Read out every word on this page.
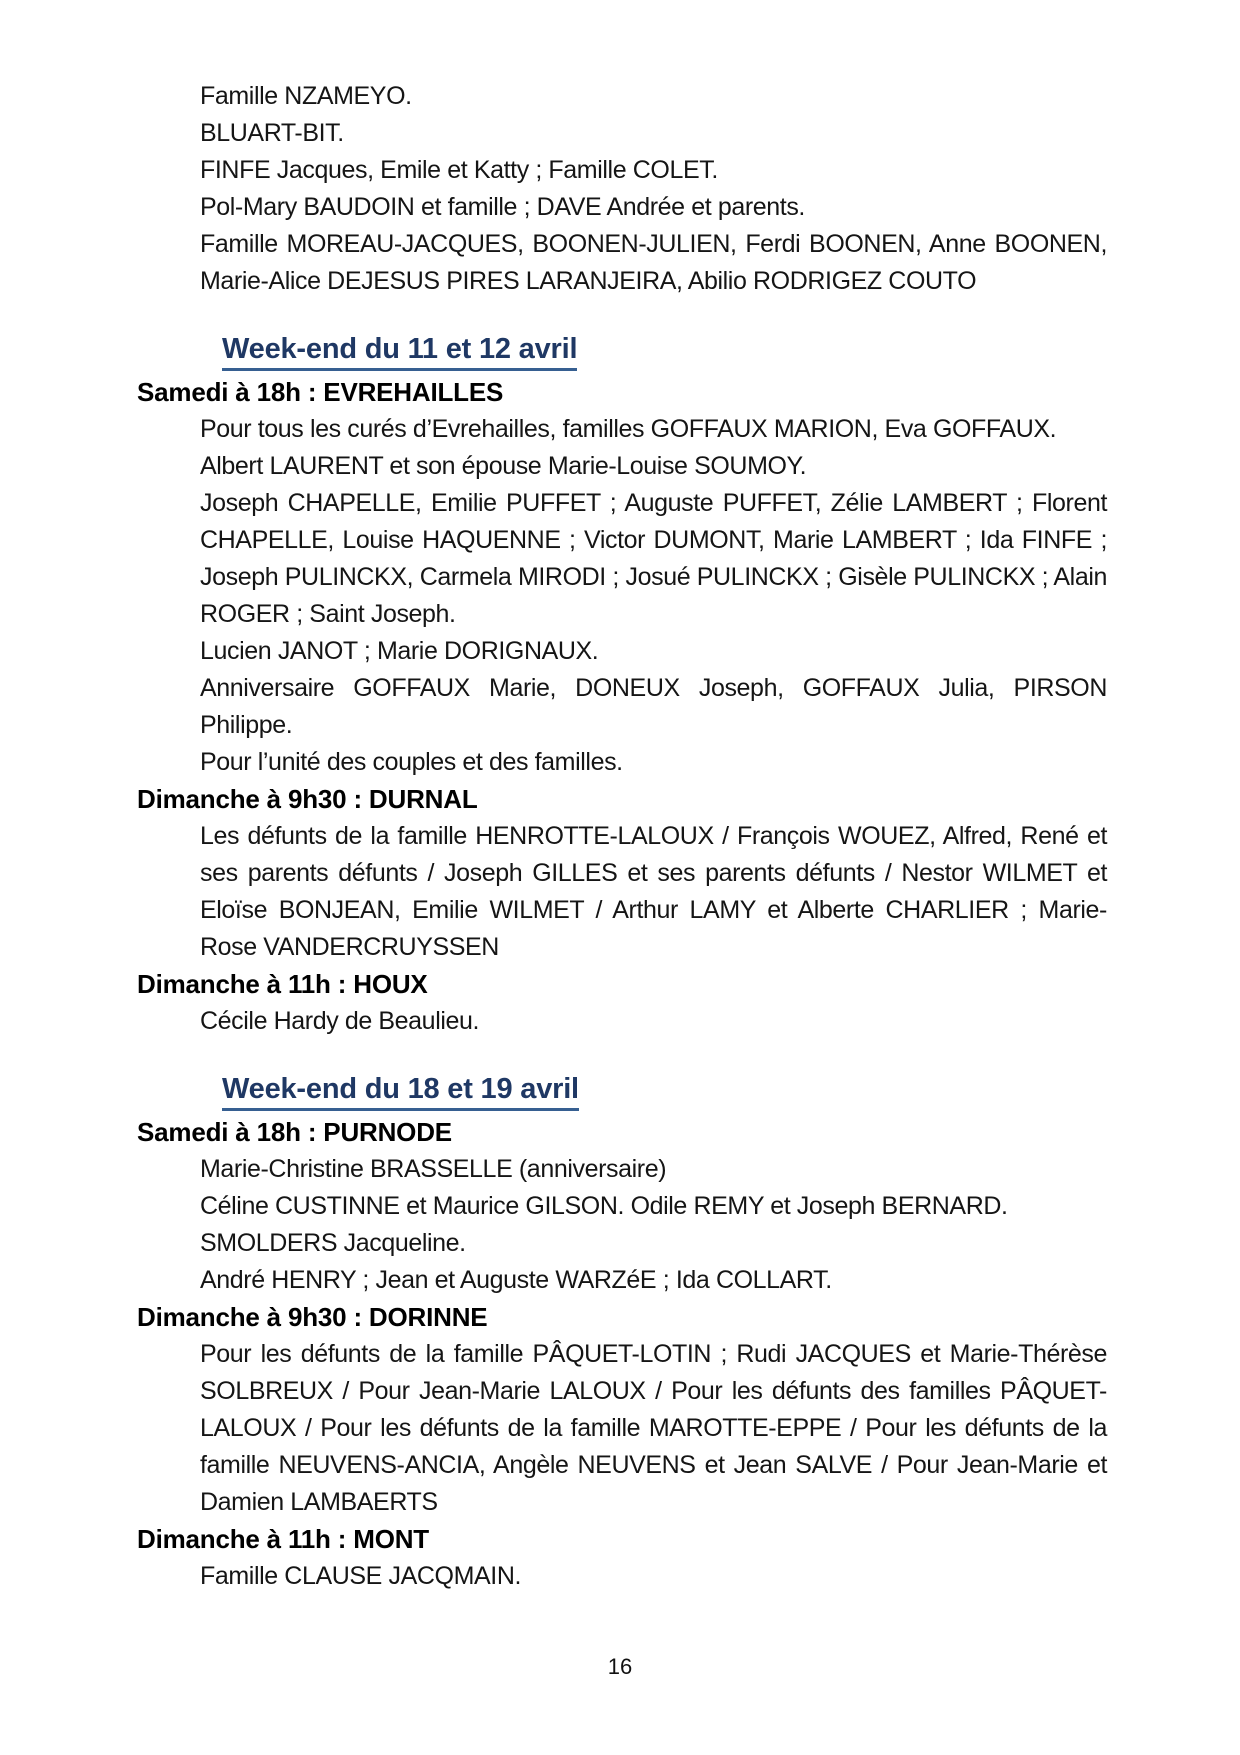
Famille NZAMEYO.

BLUART-BIT.

FINFE Jacques, Emile et Katty ; Famille COLET.

Pol-Mary BAUDOIN et famille ; DAVE Andrée et parents.

Famille MOREAU-JACQUES, BOONEN-JULIEN, Ferdi BOONEN, Anne BOONEN, Marie-Alice DEJESUS PIRES LARANJEIRA, Abilio RODRIGEZ COUTO

Week-end du 11 et 12 avril
Samedi à 18h : EVREHAILLES

Pour tous les curés d’Evrehailles, familles GOFFAUX MARION, Eva GOFFAUX.

Albert LAURENT et son épouse Marie-Louise SOUMOY.

Joseph CHAPELLE, Emilie PUFFET ; Auguste PUFFET, Zélie LAMBERT ; Florent CHAPELLE, Louise HAQUENNE ; Victor DUMONT, Marie LAMBERT ; Ida FINFE ; Joseph PULINCKX, Carmela MIRODI ; Josué PULINCKX ; Gisèle PULINCKX ; Alain ROGER ; Saint Joseph.

Lucien JANOT ; Marie DORIGNAUX.

Anniversaire GOFFAUX Marie, DONEUX Joseph, GOFFAUX Julia, PIRSON Philippe.

Pour l’unité des couples et des familles.

Dimanche à 9h30 : DURNAL

Les défunts de la famille HENROTTE-LALOUX / François WOUEZ, Alfred, René et ses parents défunts / Joseph GILLES et ses parents défunts / Nestor WILMET et Eloïse BONJEAN, Emilie WILMET / Arthur LAMY et Alberte CHARLIER ; Marie-Rose VANDERCRUYSSEN

Dimanche à 11h : HOUX

Cécile Hardy de Beaulieu.

Week-end du 18 et 19 avril
Samedi à 18h : PURNODE

Marie-Christine BRASSELLE (anniversaire)

Céline CUSTINNE et Maurice GILSON. Odile REMY et Joseph BERNARD.

SMOLDERS Jacqueline.

André HENRY ; Jean et Auguste WARZéE ; Ida COLLART.

Dimanche à 9h30 : DORINNE

Pour les défunts de la famille PÂQUET-LOTIN ; Rudi JACQUES et Marie-Thérèse SOLBREUX / Pour Jean-Marie LALOUX / Pour les défunts des familles PÂQUET-LALOUX / Pour les défunts de la famille MAROTTE-EPPE / Pour les défunts de la famille NEUVENS-ANCIA, Angèle NEUVENS et Jean SALVE / Pour Jean-Marie et Damien LAMBAERTS

Dimanche à 11h : MONT

Famille CLAUSE JACQMAIN.

16
